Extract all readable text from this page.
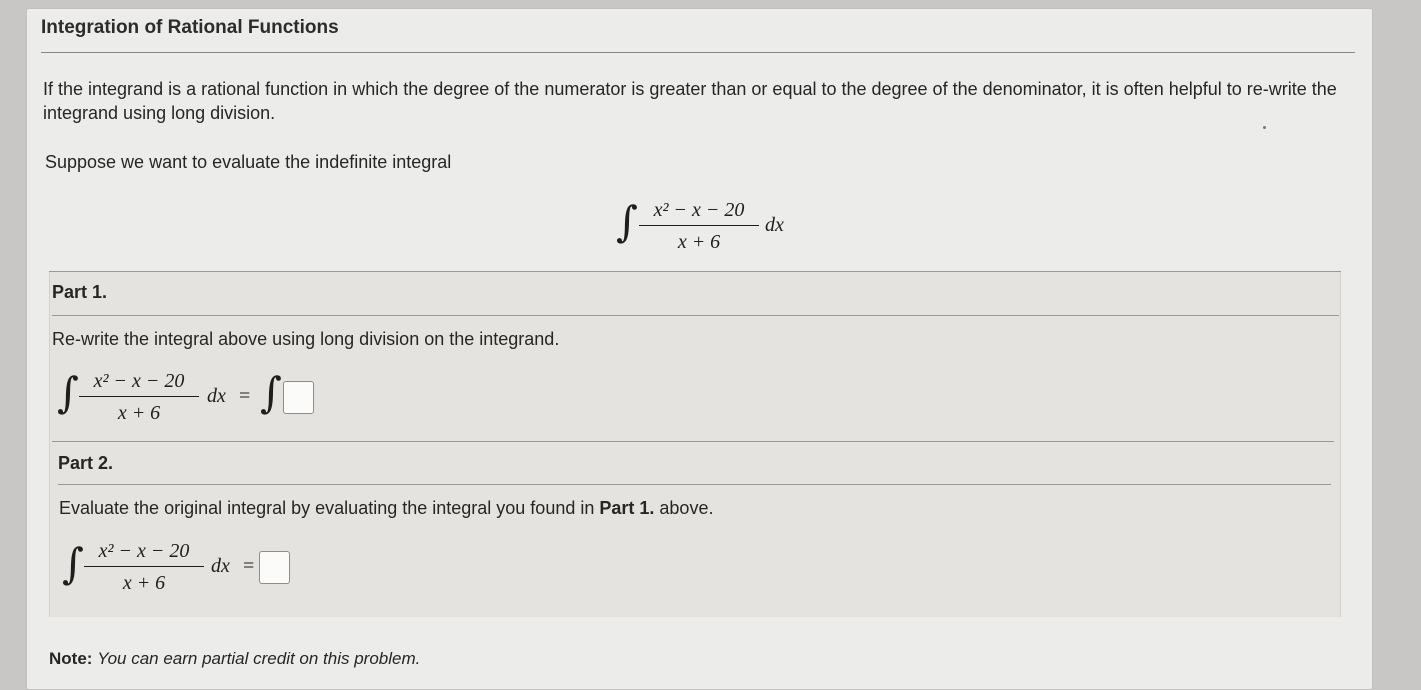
Integration of Rational Functions
If the integrand is a rational function in which the degree of the numerator is greater than or equal to the degree of the denominator, it is often helpful to re-write the integrand using long division.
Suppose we want to evaluate the indefinite integral
∫ x² − x − 20
x + 6
dx
Part 1.
Re-write the integral above using long division on the integrand.
∫ x² − x − 20
x + 6
dx = ∫
Part 2.
Evaluate the original integral by evaluating the integral you found in Part 1. above.
∫ x² − x − 20
x + 6
dx =
Note: You can earn partial credit on this problem.
